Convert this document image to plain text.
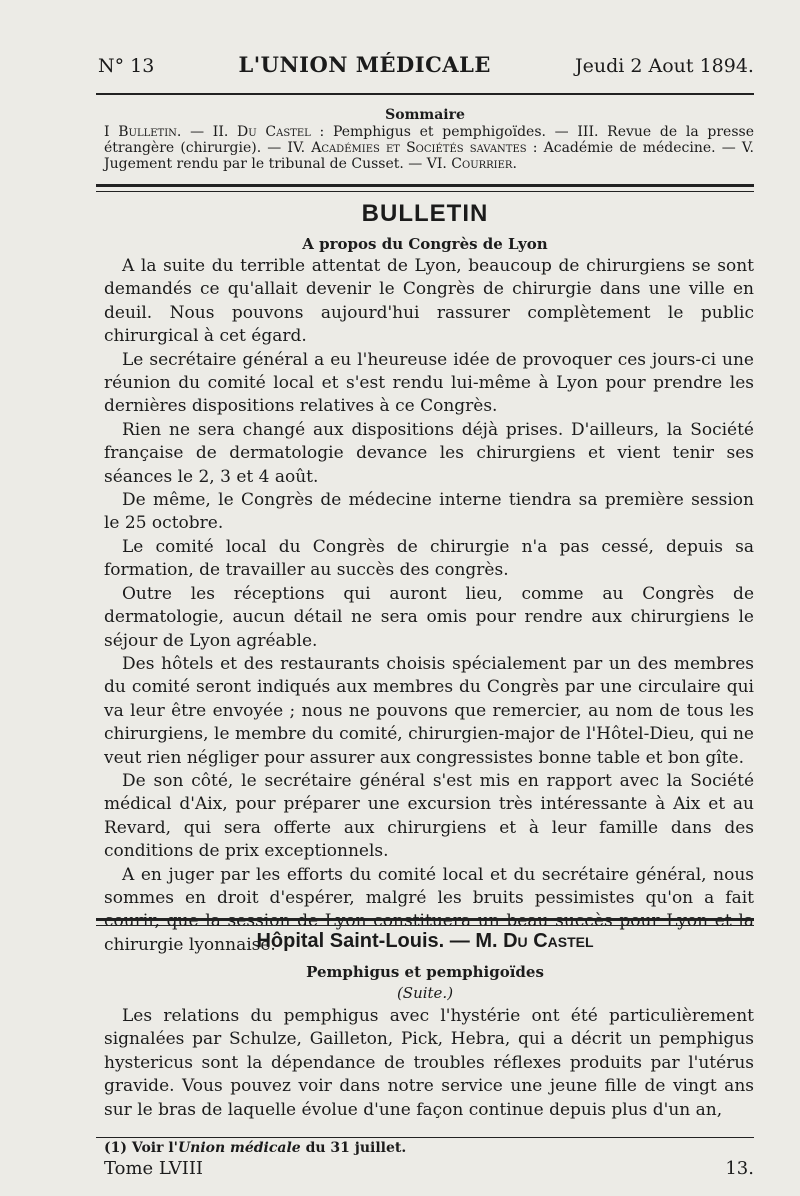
N° 13	L'UNION MÉDICALE	Jeudi 2 Aout 1894.
Sommaire
I Bulletin. — II. Du Castel : Pemphigus et pemphigoïdes. — III. Revue de la presse étrangère (chirurgie). — IV. Académies et Sociétés savantes : Académie de médecine. — V. Jugement rendu par le tribunal de Cusset. — VI. Courrier.
BULLETIN
A propos du Congrès de Lyon

A la suite du terrible attentat de Lyon, beaucoup de chirurgiens se sont demandés ce qu'allait devenir le Congrès de chirurgie dans une ville en deuil. Nous pouvons aujourd'hui rassurer complètement le public chirurgical à cet égard.

Le secrétaire général a eu l'heureuse idée de provoquer ces jours-ci une réunion du comité local et s'est rendu lui-même à Lyon pour prendre les dernières dispositions relatives à ce Congrès.

Rien ne sera changé aux dispositions déjà prises. D'ailleurs, la Société française de dermatologie devance les chirurgiens et vient tenir ses séances le 2, 3 et 4 août.

De même, le Congrès de médecine interne tiendra sa première session le 25 octobre.

Le comité local du Congrès de chirurgie n'a pas cessé, depuis sa formation, de travailler au succès des congrès.

Outre les réceptions qui auront lieu, comme au Congrès de dermatologie, aucun détail ne sera omis pour rendre aux chirurgiens le séjour de Lyon agréable.

Des hôtels et des restaurants choisis spécialement par un des membres du comité seront indiqués aux membres du Congrès par une circulaire qui va leur être envoyée ; nous ne pouvons que remercier, au nom de tous les chirurgiens, le membre du comité, chirurgien-major de l'Hôtel-Dieu, qui ne veut rien négliger pour assurer aux congressistes bonne table et bon gîte.

De son côté, le secrétaire général s'est mis en rapport avec la Société médical d'Aix, pour préparer une excursion très intéressante à Aix et au Revard, qui sera offerte aux chirurgiens et à leur famille dans des conditions de prix exceptionnels.

A en juger par les efforts du comité local et du secrétaire général, nous sommes en droit d'espérer, malgré les bruits pessimistes qu'on a fait courir, que la session de Lyon constituera un beau succès pour Lyon et la chirurgie lyonnaise.

Hôpital Saint-Louis. — M. Du Castel
Pemphigus et pemphigoïdes
(Suite.)

Les relations du pemphigus avec l'hystérie ont été particulièrement signalées par Schulze, Gailleton, Pick, Hebra, qui a décrit un pemphigus hystericus sont la dépendance de troubles réflexes produits par l'utérus gravide. Vous pouvez voir dans notre service une jeune fille de vingt ans sur le bras de laquelle évolue d'une façon continue depuis plus d'un an,

(1) Voir l'Union médicale du 31 juillet.
Tome LVIII	13.
